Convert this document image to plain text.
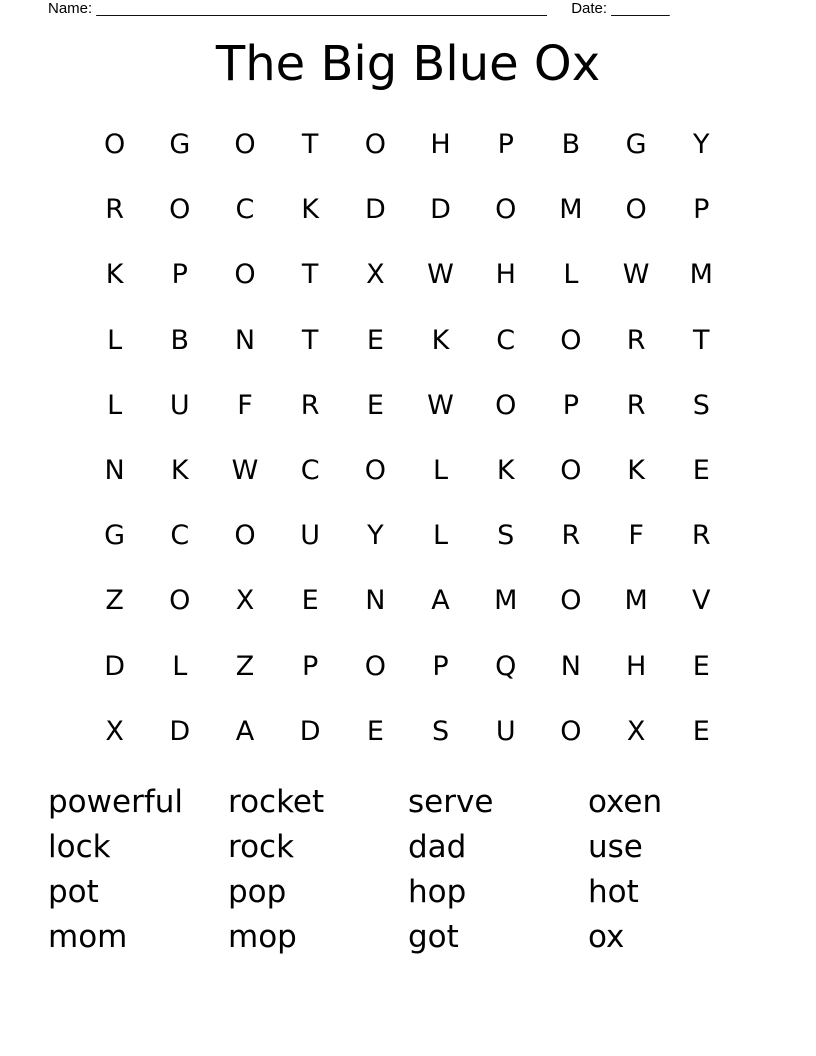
Name: ______________________________________________________ Date: _______
The Big Blue Ox
O	G	O	T	O	H	P	B	G	Y
R	O	C	K	D	D	O	M	O	P
K	P	O	T	X	W	H	L	W	M
L	B	N	T	E	K	C	O	R	T
L	U	F	R	E	W	O	P	R	S
N	K	W	C	O	L	K	O	K	E
G	C	O	U	Y	L	S	R	F	R
Z	O	X	E	N	A	M	O	M	V
D	L	Z	P	O	P	Q	N	H	E
X	D	A	D	E	S	U	O	X	E
powerful	rocket	serve	oxen
lock	rock	dad	use
pot	pop	hop	hot
mom	mop	got	ox
